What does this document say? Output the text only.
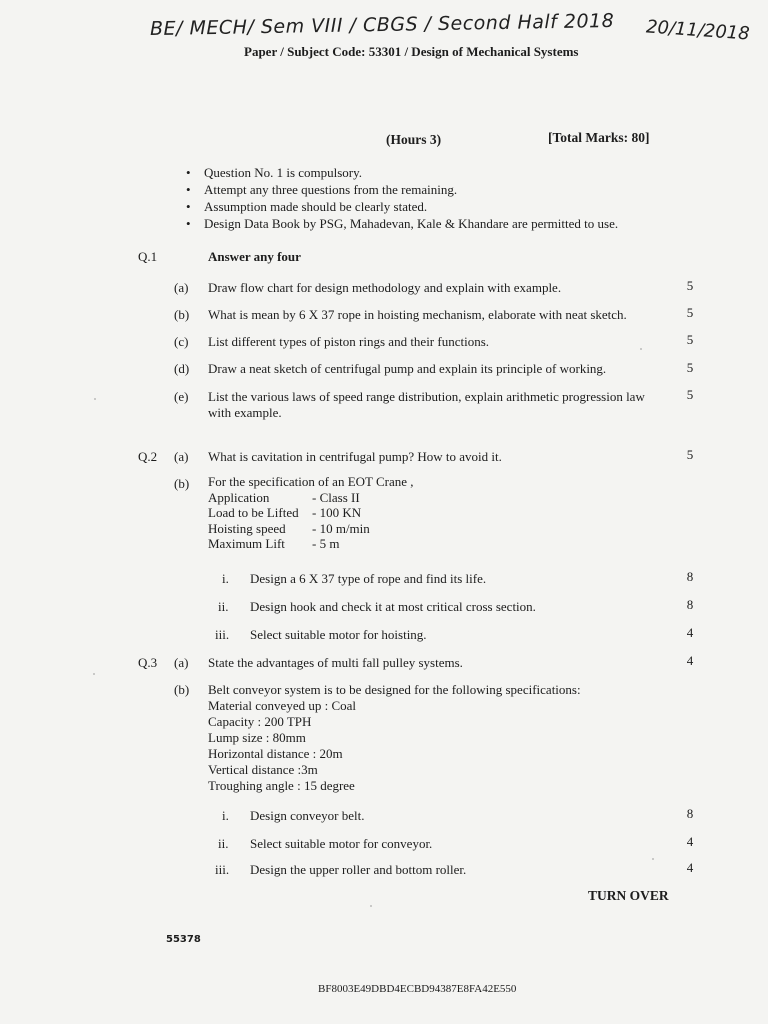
BE/ MECH/ Sem VIII / CBGS / Second Half 2018 20/11/2018
Paper / Subject Code: 53301 / Design of Mechanical Systems
(Hours 3)	[Total Marks: 80]
• Question No. 1 is compulsory.
• Attempt any three questions from the remaining.
• Assumption made should be clearly stated.
• Design Data Book by PSG, Mahadevan, Kale & Khandare are permitted to use.
Q.1	Answer any four
(a) Draw flow chart for design methodology and explain with example.	5
(b) What is mean by 6 X 37 rope in hoisting mechanism, elaborate with neat sketch.	5
(c) List different types of piston rings and their functions.	5
(d) Draw a neat sketch of centrifugal pump and explain its principle of working.	5
(e) List the various laws of speed range distribution, explain arithmetic progression law
with example.
5
Q.2 (a) What is cavitation in centrifugal pump? How to avoid it.	5
(b) For the specification of an EOT Crane ,
Application	- Class II
Load to be Lifted - 100 KN
Hoisting speed - 10 m/min
Maximum Lift - 5 m
i. Design a 6 X 37 type of rope and find its life.	8
ii. Design hook and check it at most critical cross section.	8
iii. Select suitable motor for hoisting.	4
Q.3 (a) State the advantages of multi fall pulley systems.	4
(b) Belt conveyor system is to be designed for the following specifications:
Material conveyed up : Coal
Capacity : 200 TPH
Lump size : 80mm
Horizontal distance : 20m
Vertical distance :3m
Troughing angle : 15 degree
i. Design conveyor belt.	8
ii. Select suitable motor for conveyor.	4
iii. Design the upper roller and bottom roller.	4
TURN OVER
55378
BF8003E49DBD4ECBD94387E8FA42E550
